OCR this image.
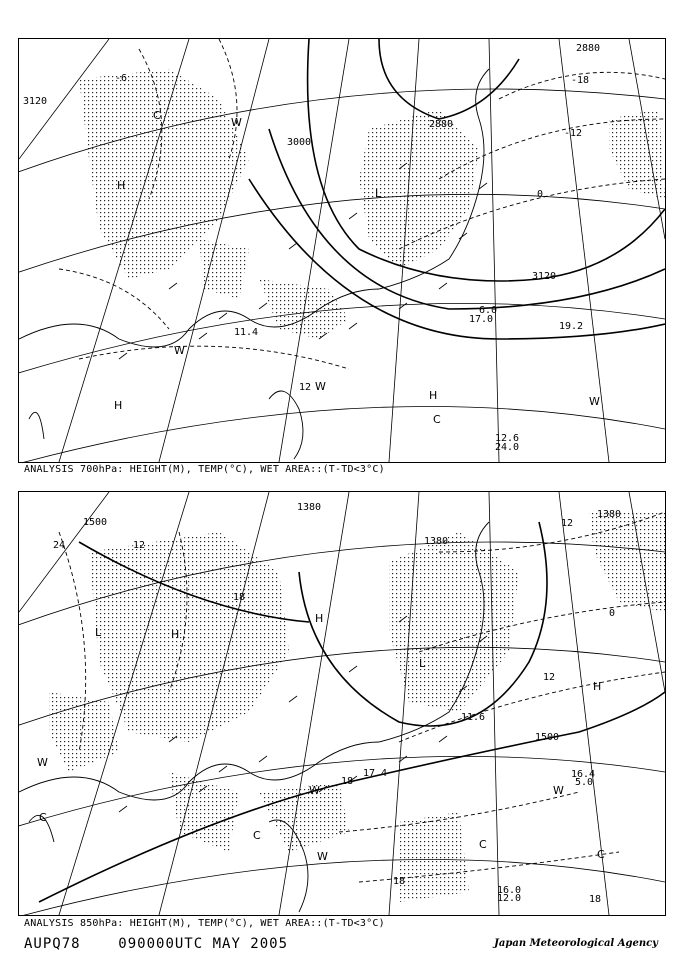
3120
3000
2880
2880
3120
-6
-12
-18
0
12
H
L
C
W
H
W
C
H
W
W
12.6
24.0
19.2
11.4
17.0
6.0
ANALYSIS 700hPa: HEIGHT(M), TEMP(°C), WET AREA::(T-TD<3°C)
1500
1380
1380
1380
1500
24	12
18
12
0
12
18
18
18
L
L
H
C
C
W
W
H
W
C
C
W
H
16.4
5.0
16.0
12.0
11.6
17.4
ANALYSIS 850hPa: HEIGHT(M), TEMP(°C), WET AREA::(T-TD<3°C)
AUPQ78	090000UTC MAY 2005	Japan Meteorological Agency
